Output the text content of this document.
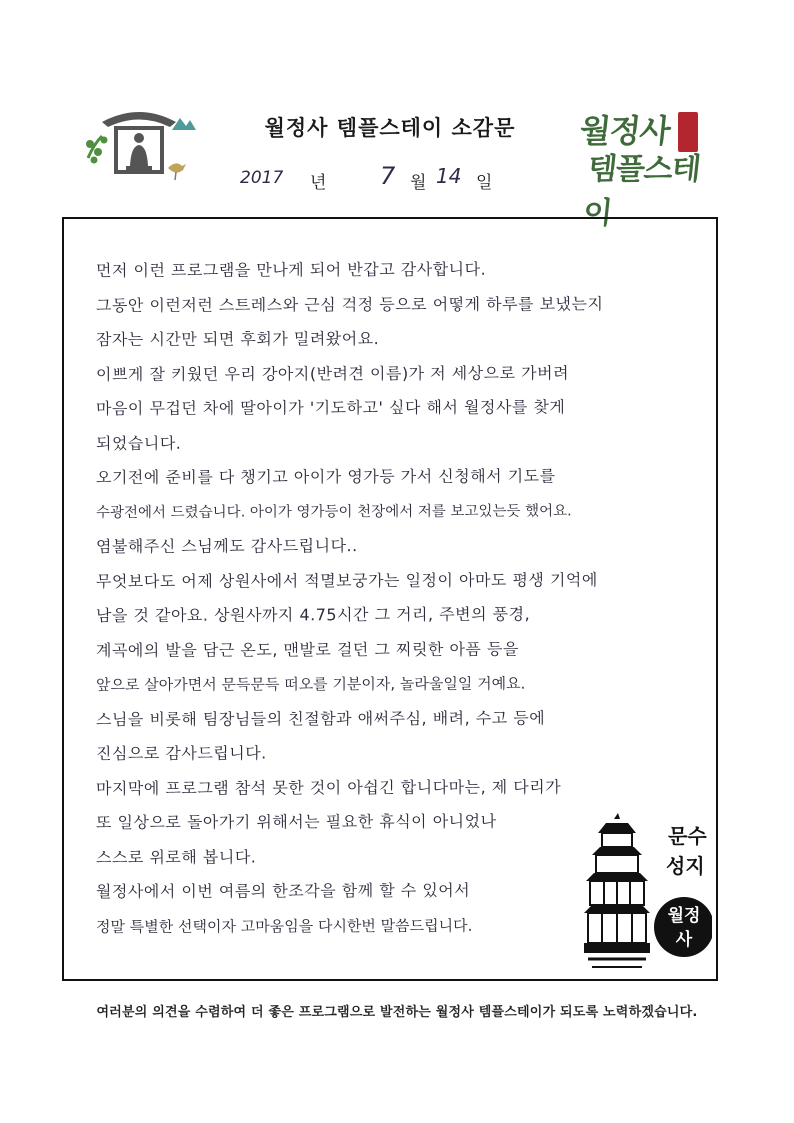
월정사 템플스테이 소감문
2017 년 7 월 14 일
월정사
템플스테이
먼저 이런 프로그램을 만나게 되어 반갑고 감사합니다.
그동안 이런저런 스트레스와 근심 걱정 등으로 어떻게 하루를 보냈는지
잠자는 시간만 되면 후회가 밀려왔어요.
이쁘게 잘 키웠던 우리 강아지(반려견 이름)가 저 세상으로 가버려
마음이 무겁던 차에 딸아이가 '기도하고' 싶다 해서 월정사를 찾게
되었습니다.
오기전에 준비를 다 챙기고 아이가 영가등 가서 신청해서 기도를
수광전에서 드렸습니다. 아이가 영가등이 천장에서 저를 보고있는듯 했어요.
염불해주신 스님께도 감사드립니다..
무엇보다도 어제 상원사에서 적멸보궁가는 일정이 아마도 평생 기억에
남을 것 같아요. 상원사까지 4.75시간 그 거리, 주변의 풍경,
계곡에의 발을 담근 온도, 맨발로 걸던 그 찌릿한 아픔 등을
앞으로 살아가면서 문득문득 떠오를 기분이자, 놀라울일일 거예요.
스님을 비롯해 팀장님들의 친절함과 애써주심, 배려, 수고 등에
진심으로 감사드립니다.
마지막에 프로그램 참석 못한 것이 아쉽긴 합니다마는, 제 다리가
또 일상으로 돌아가기 위해서는 필요한 휴식이 아니었나
스스로 위로해 봅니다.
월정사에서 이번 여름의 한조각을 함께 할 수 있어서
정말 특별한 선택이자 고마움임을 다시한번 말씀드립니다.
문수
성지
월정
사
여러분의 의견을 수렴하여 더 좋은 프로그램으로 발전하는 월정사 템플스테이가 되도록 노력하겠습니다.
